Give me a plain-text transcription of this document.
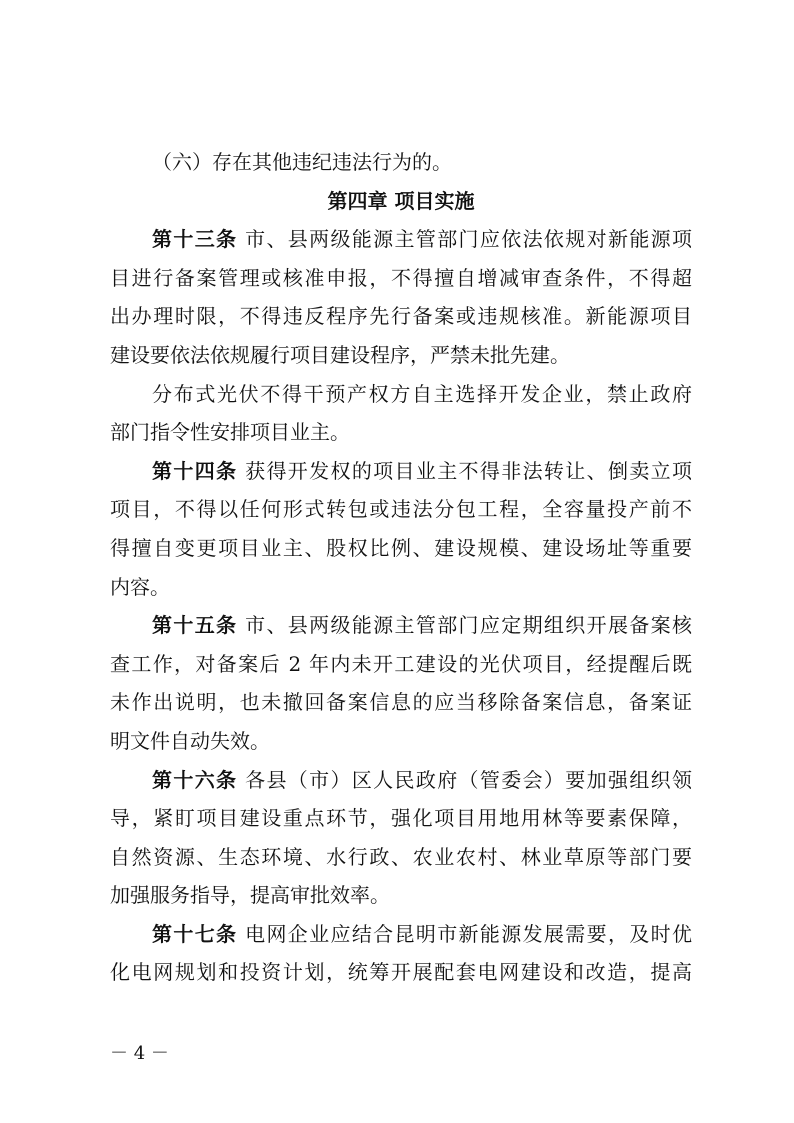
（六）存在其他违纪违法行为的。
第四章 项目实施
第十三条 市、县两级能源主管部门应依法依规对新能源项
目进行备案管理或核准申报，不得擅自增减审查条件，不得超
出办理时限，不得违反程序先行备案或违规核准。新能源项目
建设要依法依规履行项目建设程序，严禁未批先建。
分布式光伏不得干预产权方自主选择开发企业，禁止政府
部门指令性安排项目业主。
第十四条 获得开发权的项目业主不得非法转让、倒卖立项
项目，不得以任何形式转包或违法分包工程，全容量投产前不
得擅自变更项目业主、股权比例、建设规模、建设场址等重要
内容。
第十五条 市、县两级能源主管部门应定期组织开展备案核
查工作，对备案后 2 年内未开工建设的光伏项目，经提醒后既
未作出说明，也未撤回备案信息的应当移除备案信息，备案证
明文件自动失效。
第十六条 各县（市）区人民政府（管委会）要加强组织领
导，紧盯项目建设重点环节，强化项目用地用林等要素保障，
自然资源、生态环境、水行政、农业农村、林业草原等部门要
加强服务指导，提高审批效率。
第十七条 电网企业应结合昆明市新能源发展需要，及时优
化电网规划和投资计划，统筹开展配套电网建设和改造，提高
－ 4 －
